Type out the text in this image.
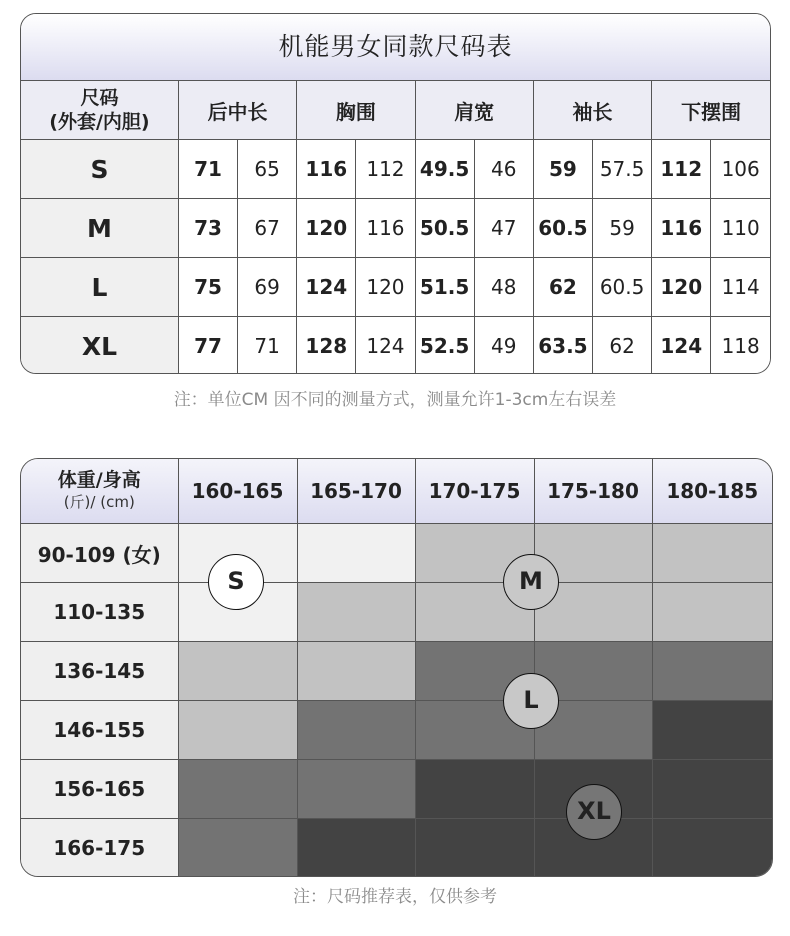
机能男女同款尺码表
尺码
(外套/内胆)	后中长		胸围		肩宽		袖长		下摆围	
S	71	65	116	112	49.5	46	59	57.5	112	106
M	73	67	120	116	50.5	47	60.5	59	116	110
L	75	69	124	120	51.5	48	62	60.5	120	114
XL	77	71	128	124	52.5	49	63.5	62	124	118
注：单位CM 因不同的测量方式，测量允许1-3cm左右误差
体重/身高
(斤)/ (cm)	160-165	165-170	170-175	175-180	180-185
90-109 (女)					
110-135					
136-145					
146-155					
156-165					
166-175					
S	M
L
XL
注：尺码推荐表，仅供参考
